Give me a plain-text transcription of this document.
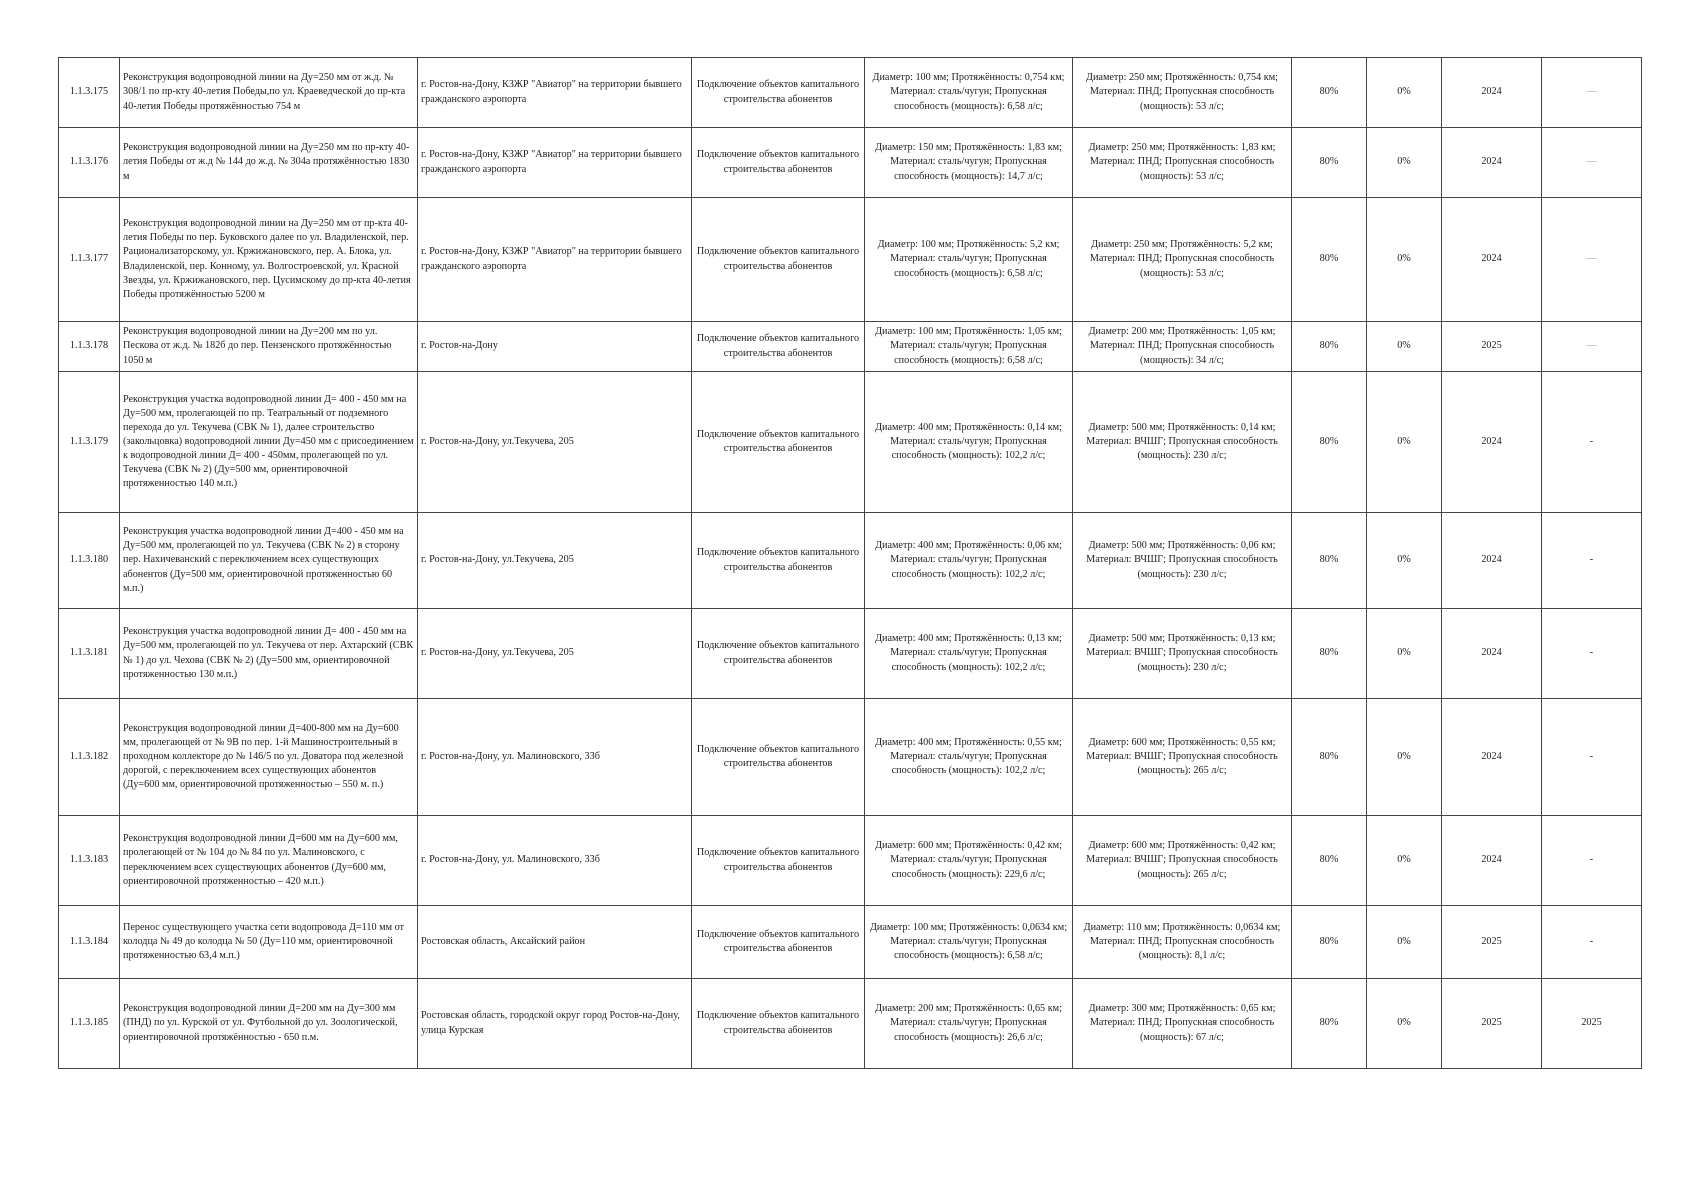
1.1.3.175	Реконструкция водопроводной линии на Ду=250 мм от ж.д. № 308/1 по пр-кту 40-летия Победы,по ул. Краеведческой до пр-кта 40-летия Победы протяжённостью 754 м	г. Ростов-на-Дону, КЗЖР "Авиатор" на территории бывшего гражданского аэропорта	Подключение объектов капитального строительства абонентов	Диаметр: 100 мм; Протяжённость: 0,754 км; Материал: сталь/чугун; Пропускная способность (мощность): 6,58 л/с;	Диаметр: 250 мм; Протяжённость: 0,754 км; Материал: ПНД; Пропускная способность (мощность): 53 л/с;	80%	0%	2024	—
1.1.3.176	Реконструкция водопроводной линии на Ду=250 мм по пр-кту 40-летия Победы от ж.д № 144 до ж.д. № 304а протяжённостью 1830 м	г. Ростов-на-Дону, КЗЖР "Авиатор" на территории бывшего гражданского аэропорта	Подключение объектов капитального строительства абонентов	Диаметр: 150 мм; Протяжённость: 1,83 км; Материал: сталь/чугун; Пропускная способность (мощность): 14,7 л/с;	Диаметр: 250 мм; Протяжённость: 1,83 км; Материал: ПНД; Пропускная способность (мощность): 53 л/с;	80%	0%	2024	—
1.1.3.177	Реконструкция водопроводной линии на Ду=250 мм от пр-кта 40-летия Победы по пер. Буковского далее по ул. Владиленской, пер. Рационализаторскому, ул. Кржижановского, пер. А. Блока, ул. Владиленской, пер. Конному, ул. Волгостроевской, ул. Красной Звезды, ул. Кржижановского, пер. Цусимскому до пр-кта 40-летия Победы протяжённостью 5200 м	г. Ростов-на-Дону, КЗЖР "Авиатор" на территории бывшего гражданского аэропорта	Подключение объектов капитального строительства абонентов	Диаметр: 100 мм; Протяжённость: 5,2 км; Материал: сталь/чугун; Пропускная способность (мощность): 6,58 л/с;	Диаметр: 250 мм; Протяжённость: 5,2 км; Материал: ПНД; Пропускная способность (мощность): 53 л/с;	80%	0%	2024	—
1.1.3.178	Реконструкция водопроводной линии на Ду=200 мм по ул. Пескова от ж.д. № 182б до пер. Пензенского протяжённостью 1050 м	г. Ростов-на-Дону	Подключение объектов капитального строительства абонентов	Диаметр: 100 мм; Протяжённость: 1,05 км; Материал: сталь/чугун; Пропускная способность (мощность): 6,58 л/с;	Диаметр: 200 мм; Протяжённость: 1,05 км; Материал: ПНД; Пропускная способность (мощность): 34 л/с;	80%	0%	2025	—
1.1.3.179	Реконструкция участка водопроводной линии Д= 400 - 450 мм на Ду=500 мм, пролегающей по пр. Театральный от подземного перехода до ул. Текучева (СВК № 1), далее строительство (закольцовка) водопроводной линии Ду=450 мм с присоединением к водопроводной линии Д= 400 - 450мм, пролегающей по ул. Текучева (СВК № 2) (Ду=500 мм, ориентировочной протяженностью 140 м.п.)	г. Ростов-на-Дону, ул.Текучева, 205	Подключение объектов капитального строительства абонентов	Диаметр: 400 мм; Протяжённость: 0,14 км; Материал: сталь/чугун; Пропускная способность (мощность): 102,2 л/с;	Диаметр: 500 мм; Протяжённость: 0,14 км; Материал: ВЧШГ; Пропускная способность (мощность): 230 л/с;	80%	0%	2024	-
1.1.3.180	Реконструкция участка водопроводной линии Д=400 - 450 мм на Ду=500 мм, пролегающей по ул. Текучева (СВК № 2) в сторону пер. Нахичеванский с переключением всех существующих абонентов (Ду=500 мм, ориентировочной протяженностью 60 м.п.)	г. Ростов-на-Дону, ул.Текучева, 205	Подключение объектов капитального строительства абонентов	Диаметр: 400 мм; Протяжённость: 0,06 км; Материал: сталь/чугун; Пропускная способность (мощность): 102,2 л/с;	Диаметр: 500 мм; Протяжённость: 0,06 км; Материал: ВЧШГ; Пропускная способность (мощность): 230 л/с;	80%	0%	2024	-
1.1.3.181	Реконструкция участка водопроводной линии Д= 400 - 450 мм на Ду=500 мм, пролегающей по ул. Текучева от пер. Ахтарский (СВК № 1) до ул. Чехова (СВК № 2) (Ду=500 мм, ориентировочной протяженностью 130 м.п.)	г. Ростов-на-Дону, ул.Текучева, 205	Подключение объектов капитального строительства абонентов	Диаметр: 400 мм; Протяжённость: 0,13 км; Материал: сталь/чугун; Пропускная способность (мощность): 102,2 л/с;	Диаметр: 500 мм; Протяжённость: 0,13 км; Материал: ВЧШГ; Пропускная способность (мощность): 230 л/с;	80%	0%	2024	-
1.1.3.182	Реконструкция водопроводной линии Д=400-800 мм на Ду=600 мм, пролегающей от № 9В по пер. 1-й Машиностроительный в проходном коллекторе до № 146/5 по ул. Доватора под железной дорогой, с переключением всех существующих абонентов (Ду=600 мм, ориентировочной протяженностью – 550 м. п.)	г. Ростов-на-Дону, ул. Малиновского, 33б	Подключение объектов капитального строительства абонентов	Диаметр: 400 мм; Протяжённость: 0,55 км; Материал: сталь/чугун; Пропускная способность (мощность): 102,2 л/с;	Диаметр: 600 мм; Протяжённость: 0,55 км; Материал: ВЧШГ; Пропускная способность (мощность): 265 л/с;	80%	0%	2024	-
1.1.3.183	Реконструкция водопроводной линии Д=600 мм на Ду=600 мм, пролегающей от № 104 до № 84 по ул. Малиновского, с переключением всех существующих абонентов (Ду=600 мм, ориентировочной протяженностью – 420 м.п.)	г. Ростов-на-Дону, ул. Малиновского, 33б	Подключение объектов капитального строительства абонентов	Диаметр: 600 мм; Протяжённость: 0,42 км; Материал: сталь/чугун; Пропускная способность (мощность): 229,6 л/с;	Диаметр: 600 мм; Протяжённость: 0,42 км; Материал: ВЧШГ; Пропускная способность (мощность): 265 л/с;	80%	0%	2024	-
1.1.3.184	Перенос существующего участка сети водопровода Д=110 мм от колодца № 49 до колодца № 50 (Ду=110 мм, ориентировочной протяженностью 63,4 м.п.)	Ростовская область, Аксайский район	Подключение объектов капитального строительства абонентов	Диаметр: 100 мм; Протяжённость: 0,0634 км; Материал: сталь/чугун; Пропускная способность (мощность): 6,58 л/с;	Диаметр: 110 мм; Протяжённость: 0,0634 км; Материал: ПНД; Пропускная способность (мощность): 8,1 л/с;	80%	0%	2025	-
1.1.3.185	Реконструкция водопроводной линии Д=200 мм на Ду=300 мм (ПНД) по ул. Курской от ул. Футбольной до ул. Зоологической, ориентировочной протяжённостью - 650 п.м.	Ростовская область, городской округ город Ростов-на-Дону, улица Курская	Подключение объектов капитального строительства абонентов	Диаметр: 200 мм; Протяжённость: 0,65 км; Материал: сталь/чугун; Пропускная способность (мощность): 26,6 л/с;	Диаметр: 300 мм; Протяжённость: 0,65 км; Материал: ПНД; Пропускная способность (мощность): 67 л/с;	80%	0%	2025	2025
